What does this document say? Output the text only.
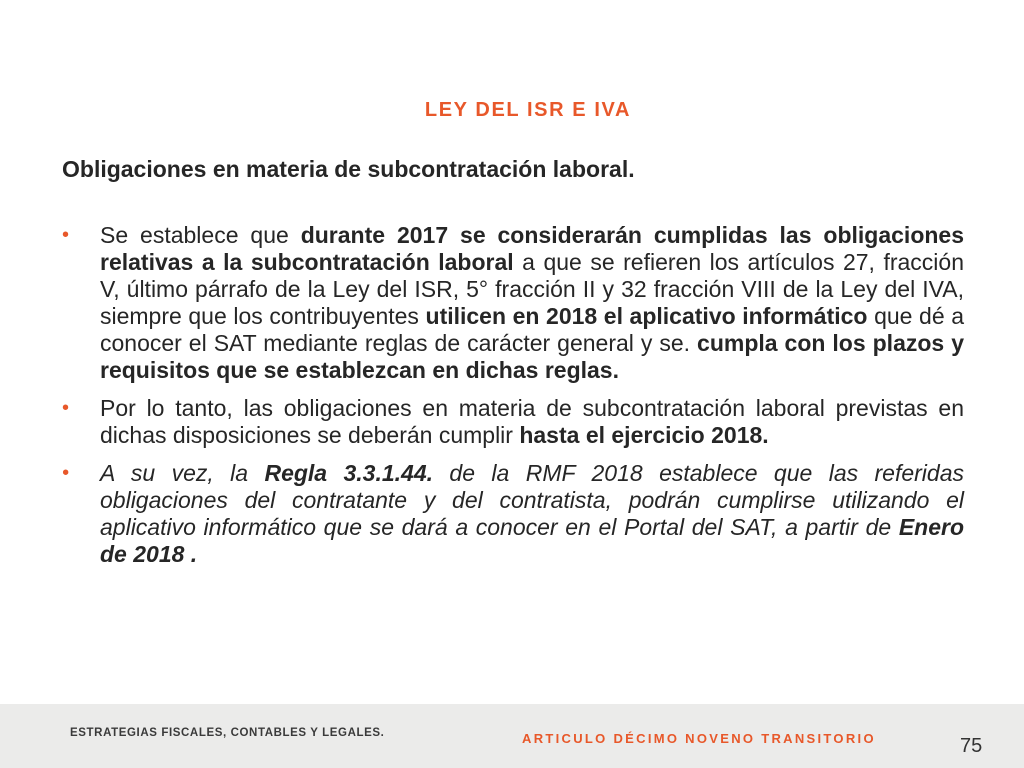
LEY DEL ISR E IVA
Obligaciones en materia de subcontratación laboral.
• Se establece que durante 2017 se considerarán cumplidas las obligaciones relativas a la subcontratación laboral a que se refieren los artículos 27, fracción V, último párrafo de la Ley del ISR, 5° fracción II y 32 fracción VIII de la Ley del IVA, siempre que los contribuyentes utilicen en 2018 el aplicativo informático que dé a conocer el SAT mediante reglas de carácter general y se. cumpla con los plazos y requisitos que se establezcan en dichas reglas.
• Por lo tanto, las obligaciones en materia de subcontratación laboral previstas en dichas disposiciones se deberán cumplir hasta el ejercicio 2018.
• A su vez, la Regla 3.3.1.44. de la RMF 2018 establece que las referidas obligaciones del contratante y del contratista, podrán cumplirse utilizando el aplicativo informático que se dará a conocer en el Portal del SAT, a partir de Enero de 2018 .
ESTRATEGIAS FISCALES, CONTABLES Y LEGALES.	ARTICULO DÉCIMO NOVENO TRANSITORIO	75
